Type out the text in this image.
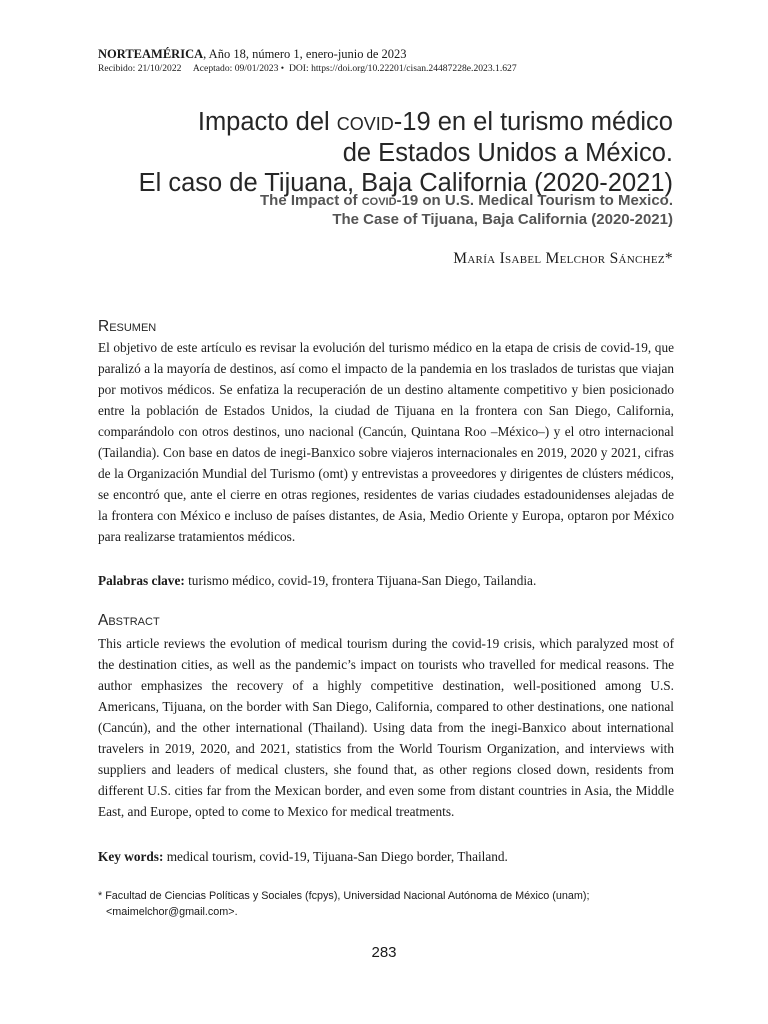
NORTEAMÉRICA, Año 18, número 1, enero-junio de 2023
Recibido: 21/10/2022     Aceptado: 09/01/2023 •  DOI: https://doi.org/10.22201/cisan.24487228e.2023.1.627
Impacto del covid-19 en el turismo médico
de Estados Unidos a México.
El caso de Tijuana, Baja California (2020-2021)
The Impact of covid-19 on U.S. Medical Tourism to Mexico.
The Case of Tijuana, Baja California (2020-2021)
María Isabel Melchor Sánchez*
Resumen

El objetivo de este artículo es revisar la evolución del turismo médico en la etapa de crisis de covid-19, que paralizó a la mayoría de destinos, así como el impacto de la pandemia en los traslados de turistas que viajan por motivos médicos. Se enfatiza la recuperación de un destino altamente competitivo y bien posicionado entre la población de Estados Unidos, la ciudad de Tijuana en la frontera con San Diego, California, comparándolo con otros destinos, uno nacional (Cancún, Quintana Roo –México–) y el otro internacional (Tailandia). Con base en datos de inegi-Banxico sobre viajeros internacionales en 2019, 2020 y 2021, cifras de la Organización Mundial del Turismo (omt) y entrevistas a proveedores y dirigentes de clústers médicos, se encontró que, ante el cierre en otras regiones, residentes de varias ciudades estadounidenses alejadas de la frontera con México e incluso de países distantes, de Asia, Medio Oriente y Europa, optaron por México para realizarse tratamientos médicos.

Palabras clave: turismo médico, covid-19, frontera Tijuana-San Diego, Tailandia.

Abstract

This article reviews the evolution of medical tourism during the covid-19 crisis, which paralyzed most of the destination cities, as well as the pandemic’s impact on tourists who travelled for medical reasons. The author emphasizes the recovery of a highly competitive destination, well-positioned among U.S. Americans, Tijuana, on the border with San Diego, California, compared to other destinations, one national (Cancún), and the other international (Thailand). Using data from the inegi-Banxico about international travelers in 2019, 2020, and 2021, statistics from the World Tourism Organization, and interviews with suppliers and leaders of medical clusters, she found that, as other regions closed down, residents from different U.S. cities far from the Mexican border, and even some from distant countries in Asia, the Middle East, and Europe, opted to come to Mexico for medical treatments.

Key words: medical tourism, covid-19, Tijuana-San Diego border, Thailand.

* Facultad de Ciencias Políticas y Sociales (fcpys), Universidad Nacional Autónoma de México (unam);
<maimelchor@gmail.com>.
283
